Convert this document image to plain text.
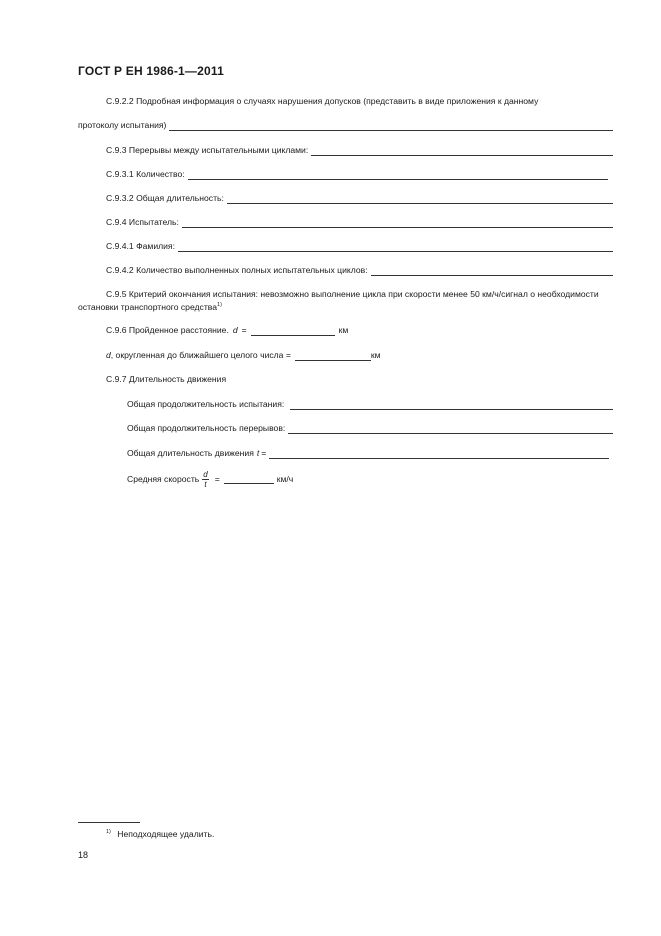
ГОСТ Р ЕН 1986-1—2011
С.9.2.2 Подробная информация о случаях нарушения допусков (представить в виде приложения к данному
протоколу испытания)
С.9.3 Перерывы между испытательными циклами:
С.9.3.1 Количество:
С.9.3.2 Общая длительность:
С.9.4 Испытатель:
С.9.4.1 Фамилия:
С.9.4.2 Количество выполненных полных испытательных циклов:

С.9.5 Критерий окончания испытания: невозможно выполнение цикла при скорости менее 50 км/ч/сигнал о необходимости остановки транспортного средства$^{1)}$

С.9.6 Пройденное расстояние. d =	км
d , округленная до ближайшего целого числа =	км
С.9.7 Длительность движения
Общая продолжительность испытания:
Общая продолжительность перерывов:
Общая длительность движения t =
Средняя скорость $\frac{d}{t}$ =	км/ч
$^{1)}$ Неподходящее удалить.
18
